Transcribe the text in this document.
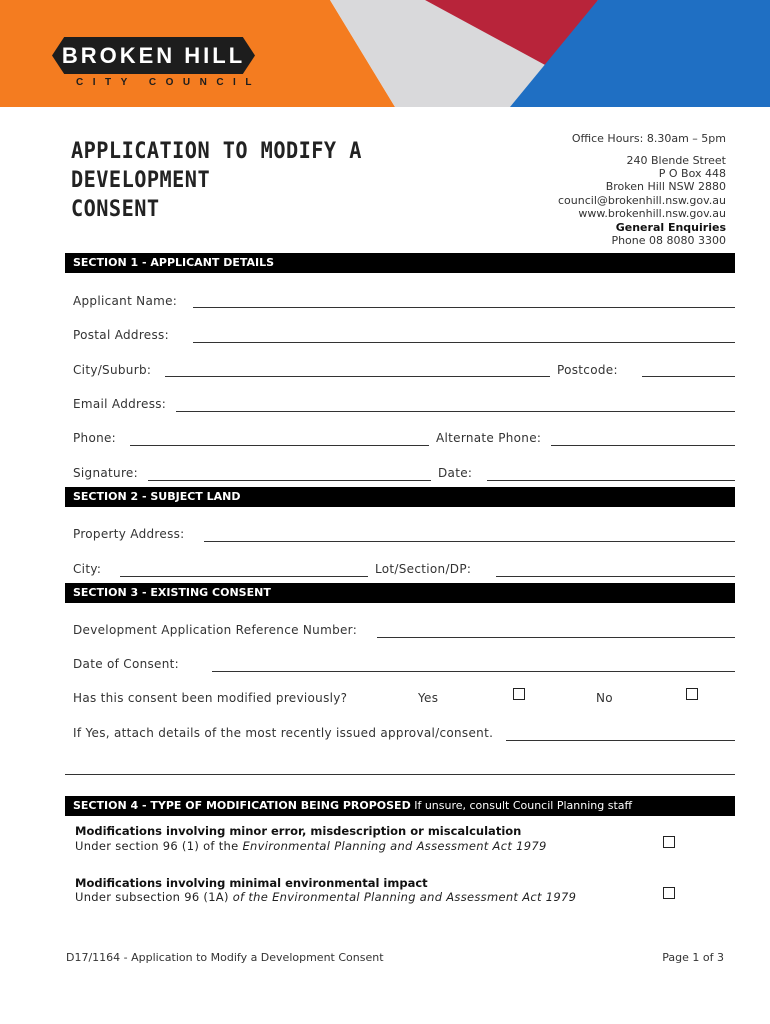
BROKEN HILL
CITY COUNCIL
APPLICATION TO MODIFY A DEVELOPMENT
CONSENT
Office Hours: 8.30am – 5pm
240 Blende Street
P O Box 448
Broken Hill NSW 2880
council@brokenhill.nsw.gov.au
www.brokenhill.nsw.gov.au
General Enquiries
Phone 08 8080 3300
SECTION 1 - APPLICANT DETAILS
Applicant Name:
Postal Address:
City/Suburb:	Postcode:
Email Address:
Phone:	Alternate Phone:
Signature:	Date:
SECTION 2 - SUBJECT LAND
Property Address:
City:	Lot/Section/DP:
SECTION 3 - EXISTING CONSENT
Development Application Reference Number:
Date of Consent:
Has this consent been modified previously?	Yes	No
If Yes, attach details of the most recently issued approval/consent.
SECTION 4 - TYPE OF MODIFICATION BEING PROPOSED If unsure, consult Council Planning staff
Modifications involving minor error, misdescription or miscalculation
Under section 96 (1) of the Environmental Planning and Assessment Act 1979
Modifications involving minimal environmental impact
Under subsection 96 (1A) of the Environmental Planning and Assessment Act 1979
D17/1164 - Application to Modify a Development Consent	Page 1 of 3
